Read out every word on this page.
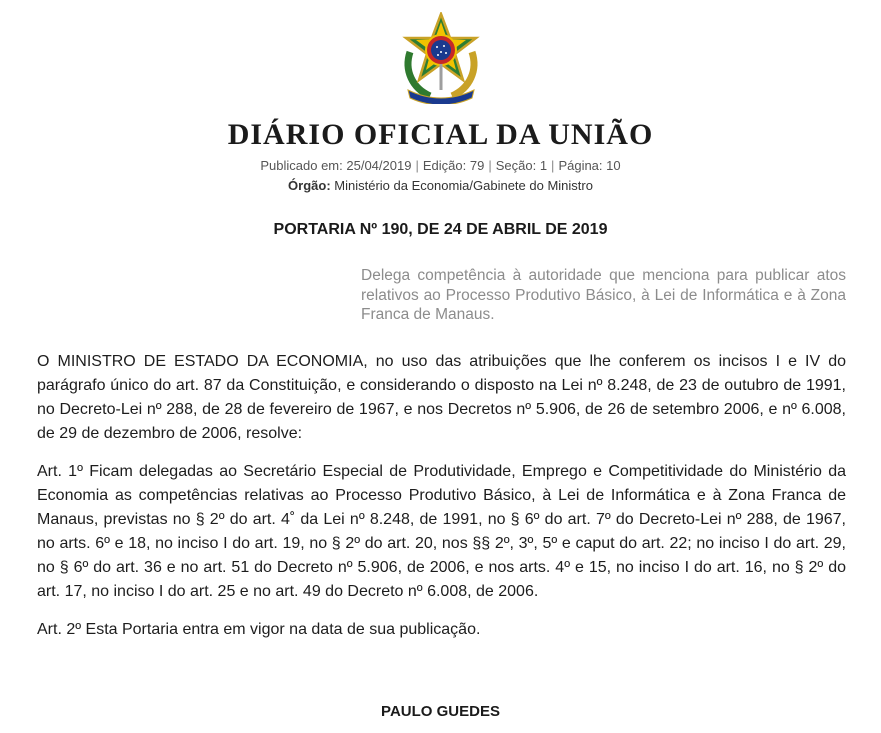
DIÁRIO OFICIAL DA UNIÃO
Publicado em: 25/04/2019 | Edição: 79 | Seção: 1 | Página: 10
Órgão: Ministério da Economia/Gabinete do Ministro
PORTARIA Nº 190, DE 24 DE ABRIL DE 2019
Delega competência à autoridade que menciona para publicar atos relativos ao Processo Produtivo Básico, à Lei de Informática e à Zona Franca de Manaus.
O MINISTRO DE ESTADO DA ECONOMIA, no uso das atribuições que lhe conferem os incisos I e IV do parágrafo único do art. 87 da Constituição, e considerando o disposto na Lei nº 8.248, de 23 de outubro de 1991, no Decreto-Lei nº 288, de 28 de fevereiro de 1967, e nos Decretos nº 5.906, de 26 de setembro 2006, e nº 6.008, de 29 de dezembro de 2006, resolve:
Art. 1º Ficam delegadas ao Secretário Especial de Produtividade, Emprego e Competitividade do Ministério da Economia as competências relativas ao Processo Produtivo Básico, à Lei de Informática e à Zona Franca de Manaus, previstas no § 2º do art. 4˚ da Lei nº 8.248, de 1991, no § 6º do art. 7º do Decreto-Lei nº 288, de 1967, no arts. 6º e 18, no inciso I do art. 19, no § 2º do art. 20, nos §§ 2º, 3º, 5º e caput do art. 22; no inciso I do art. 29, no § 6º do art. 36 e no art. 51 do Decreto nº 5.906, de 2006, e nos arts. 4º e 15, no inciso I do art. 16, no § 2º do art. 17, no inciso I do art. 25 e no art. 49 do Decreto nº 6.008, de 2006.
Art. 2º Esta Portaria entra em vigor na data de sua publicação.
PAULO GUEDES
